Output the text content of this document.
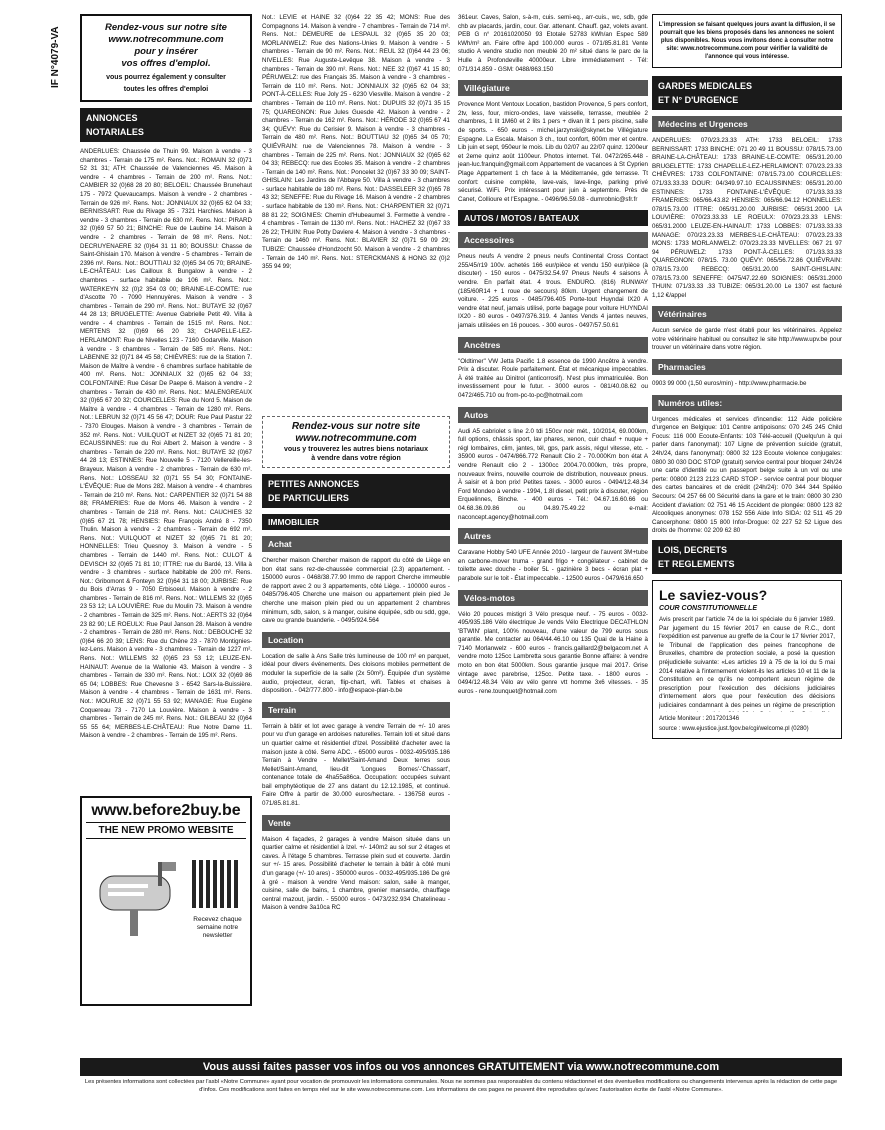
IF N°4079-VA	Rendez-vous sur notre site
www.notrecommune.com
pour y insérer
vos offres d'emploi.
vous pourrez également y consulter
toutes les offres d'emploi
ANNONCES
NOTARIALES
ANDERLUES: Chaussée de Thuin 99. Maison à vendre - 3 chambres - Terrain de 175 m². Rens. Not.: ROMAIN 32 (0)71 52 31 31; ATH: Chaussée de Valenciennes 45. Maison à vendre - 4 chambres - Terrain de 200 m². Rens. Not.: CAMBIER 32 (0)68 28 20 80; BELOEIL: Chaussée Brunehaut 175 - 7972 Quevaucamps. Maison à vendre - 2 chambres - Terrain de 926 m². Rens. Not.: JONNIAUX 32 (0)65 62 04 33; BERNISSART: Rue du Rivage 35 - 7321 Harchies. Maison à vendre - 3 chambres - Terrain de 630 m². Rens. Not.: PIRARD 32 (0)69 57 50 21; BINCHE: Rue de Laubine 14. Maison à vendre - 2 chambres - Terrain de 98 m². Rens. Not.: DECRUYENAERE 32 (0)64 31 11 80; BOUSSU: Chasse de Saint-Ghislain 170. Maison à vendre - 5 chambres - Terrain de 2396 m². Rens. Not.: BOUTTIAU 32 (0)65 34 05 70; BRAINE-LE-CHÂTEAU: Les Cailloux 8. Bungalow à vendre - 2 chambres - surface habitable de 106 m². Rens. Not.: WATERKEYN 32 (0)2 354 03 00; BRAINE-LE-COMTE: rue d'Ascotte 70 - 7090 Hennuyères. Maison à vendre - 3 chambres - Terrain de 290 m². Rens. Not.: BUTAYE 32 (0)67 44 28 13; BRUGELETTE: Avenue Gabrielle Petit 49. Villa à vendre - 4 chambres - Terrain de 1515 m². Rens. Not.: MERTENS 32 (0)69 66 20 33; CHAPELLE-LEZ-HERLAIMONT: Rue de Nivelles 123 - 7160 Godarville. Maison à vendre - 3 chambres - Terrain de 585 m². Rens. Not.: LABENNE 32 (0)71 84 45 58; CHIÈVRES: rue de la Station 7. Maison de Maître à vendre - 6 chambres surface habitable de 400 m². Rens. Not.: JONNIAUX 32 (0)65 62 04 33; COLFONTAINE: Rue César De Paepe 6. Maison à vendre - 2 chambres - Terrain de 430 m². Rens. Not.: MALENGREAUX 32 (0)65 67 20 32; COURCELLES: Rue du Nord 5. Maison de Maître à vendre - 4 chambres - Terrain de 1280 m². Rens. Not.: LEBRUN 32 (0)71 45 56 47; DOUR: Rue Paul Pastur 22 - 7370 Elouges. Maison à vendre - 3 chambres - Terrain de 352 m². Rens. Not.: VUILQUOT et NIZET 32 (0)65 71 81 20; ECAUSSINNES: rue du Roi Albert 2. Maison à vendre - 3 chambres - Terrain de 220 m². Rens. Not.: BUTAYE 32 (0)67 44 28 13; ESTINNES: Rue Nouvelle 5 - 7120 Vellereille-les-Brayeux. Maison à vendre - 2 chambres - Terrain de 630 m². Rens. Not.: LOSSEAU 32 (0)71 55 54 30; FONTAINE-L'ÉVÊQUE: Rue de Mons 282. Maison à vendre - 4 chambres - Terrain de 210 m². Rens. Not.: CARPENTIER 32 (0)71 54 88 88; FRAMERIES: Rue de Mons 46. Maison à vendre - 2 chambres - Terrain de 218 m². Rens. Not.: CAUCHIES 32 (0)65 67 21 78; HENSIES: Rue François André 8 - 7350 Thulin. Maison à vendre - 2 chambres - Terrain de 692 m². Rens. Not.: VUILQUOT et NIZET 32 (0)65 71 81 20; HONNELLES: Trieu Quesnoy 3. Maison à vendre - 5 chambres - Terrain de 1440 m². Rens. Not.: CULOT & DEVISCH 32 (0)65 71 81 10; ITTRE: rue du Bardé, 13. Villa à vendre - 3 chambres - surface habitable de 200 m². Rens. Not.: Gribomont & Fonteyn 32 (0)64 31 18 00; JURBISE: Rue du Bois d'Arras 9 - 7050 Erbisoeul. Maison à vendre - 2 chambres - Terrain de 816 m². Rens. Not.: WILLEMS 32 (0)65 23 53 12; LA LOUVIÈRE: Rue du Moulin 73. Maison à vendre - 2 chambres - Terrain de 325 m². Rens. Not.: AERTS 32 (0)64 23 82 90; LE ROEULX: Rue Paul Janson 28. Maison à vendre - 2 chambres - Terrain de 280 m². Rens. Not.: DEBOUCHE 32 (0)64 66 20 39; LENS: Rue du Chêne 23 - 7870 Montignies-lez-Lens. Maison à vendre - 3 chambres - Terrain de 1227 m². Rens. Not.: WILLEMS 32 (0)65 23 53 12; LEUZE-EN-HAINAUT: Avenue de la Wallonie 43. Maison à vendre - 3 chambres - Terrain de 330 m². Rens. Not.: LOIX 32 (0)69 86 65 04; LOBBES: Rue Chevesne 3 - 6542 Sars-la-Buissière. Maison à vendre - 4 chambres - Terrain de 1631 m². Rens. Not.: MOURUE 32 (0)71 55 53 92; MANAGE: Rue Eugène Coquereau 73 - 7170 La Louvière. Maison à vendre - 3 chambres - Terrain de 245 m². Rens. Not.: GILBEAU 32 (0)64 55 55 64; MERBES-LE-CHÂTEAU: Rue Notre Dame 11. Maison à vendre - 2 chambres - Terrain de 195 m². Rens.
www.before2buy.be
THE NEW PROMO WEBSITE
Recevez chaque semaine notre newsletter
Not.: LEVIE et HAINE 32 (0)64 22 35 42; MONS: Rue des Compagnons 14. Maison à vendre - 7 chambres - Terrain de 714 m². Rens. Not.: DEMEURE de LESPAUL 32 (0)65 35 20 03; MORLANWELZ: Rue des Nations-Unies 9. Maison à vendre - 5 chambres - Terrain de 90 m². Rens. Not.: REUL 32 (0)64 44 23 06; NIVELLES: Rue Auguste-Levêque 38. Maison à vendre - 3 chambres - Terrain de 390 m². Rens. Not.: NEE 32 (0)67 41 15 80; PÉRUWELZ: rue des Français 35. Maison à vendre - 3 chambres - Terrain de 110 m². Rens. Not.: JONNIAUX 32 (0)65 62 04 33; PONT-À-CELLES: Rue Joly 25 - 6230 Viesville. Maison à vendre - 2 chambres - Terrain de 110 m². Rens. Not.: DUPUIS 32 (0)71 35 15 75; QUAREGNON: Rue Jules Guesde 42. Maison à vendre - 2 chambres - Terrain de 162 m². Rens. Not.: HÉRODE 32 (0)65 67 41 34; QUÉVY: Rue du Cerisier 9. Maison à vendre - 3 chambres - Terrain de 480 m². Rens. Not.: BOUTTIAU 32 (0)65 34 05 70; QUIÉVRAIN: rue de Valenciennes 78. Maison à vendre - 3 chambres - Terrain de 225 m². Rens. Not.: JONNIAUX 32 (0)65 62 04 33; REBECQ: rue des Ecoles 35. Maison à vendre - 2 chambres - Terrain de 140 m². Rens. Not.: Poncelet 32 (0)67 33 30 09; SAINT-GHISLAIN: Les Jardins de l'Abbaye 50. Villa à vendre - 3 chambres - surface habitable de 180 m². Rens. Not.: DASSELEER 32 (0)65 78 43 32; SENEFFE: Rue du Rivage 16. Maison à vendre - 2 chambres - surface habitable de 130 m². Rens. Not.: CHARPENTIER 32 (0)71 88 81 22; SOIGNIES: Chemin d'Hubeaumel 3. Fermette à vendre - 4 chambres - Terrain de 1130 m². Rens. Not.: HACHEZ 32 (0)67 33 26 22; THUIN: Rue Potty Daviere 4. Maison à vendre - 3 chambres - Terrain de 1460 m². Rens. Not.: BLAVIER 32 (0)71 59 09 29; TUBIZE: Chaussée d'Hondzocht 50. Maison à vendre - 2 chambres - Terrain de 140 m². Rens. Not.: STERCKMANS & HONG 32 (0)2 355 94 99;
Rendez-vous sur notre site
www.notrecommune.com
vous y trouverez les autres biens notariaux
à vendre dans votre région
PETITES ANNONCES
DE PARTICULIERS
IMMOBILIER
Achat
Chercher maison Chercher maison de rapport du côté de Liège en bon état sans rez-de-chaussée commercial (2.3) appartement. - 150000 euros - 0468/38.77.90 Immo de rapport Cherche immeuble de rapport avec 2 ou 3 appartements, côté Liège. - 100000 euros - 0485/796.405 Cherche une maison ou appartement plein pied Je cherche une maison plein pied ou un appartement 2 chambres minimum, sdb, salon, s à manger, cuisine équipée, sdb ou sdd, gge, cave ou grande buanderie. - 0495/924.564
Location
Location de salle à Ans Salle très lumineuse de 100 m² en parquet, idéal pour divers événements. Des cloisons mobiles permettent de moduler la superficie de la salle (2x 50m²). Équipée d'un système audio, projecteur, écran, flip-chart, wifi. Tables et chaises à disposition. - 042/777.800 - info@espace-plan-b.be
Terrain
Terrain à bâtir et lot avec garage à vendre Terrain de +/- 10 ares pour vu d'un garage en ardoises naturelles. Terrain loti et situé dans un quartier calme et résidentiel d'Izel. Possibilité d'acheter avec la maison juste à côté. Serre ADC. - 65000 euros - 0032-495/935.186 Terrain à Vendre - Mellet/Saint-Amand Deux terres sous Mellet/Saint-Amand, lieu-dit 'Longues Bornes'-'Chassart', contenance totale de 4ha55a86ca. Occupation: occupées suivant bail emphytéotique de 27 ans datant du 12.12.1985, et continué. Faire Offre à partir de 30.000 euros/hectare. - 136758 euros - 071/85.81.81.
Vente
Maison 4 façades, 2 garages à vendre Maison située dans un quartier calme et résidentiel à Izel. +/- 140m2 au sol sur 2 étages et caves. À l'étage 5 chambres. Terrasse plein sud et couverte. Jardin sur +/- 15 ares. Possibilité d'acheter le terrain à bâtir à côté muni d'un garage (+/- 10 ares) - 350000 euros - 0032-495/935.186 De gré à gré - maison à vendre Vend maison: salon, salle à manger, cuisine, salle de bains, 1 chambre, grenier mansarde, chauffage central mazout, jardin. - 55000 euros - 0473/232.934 Chatelineau - Maison à vendre 3a10ca RC
361eur. Caves, Salon, s-à-m, cuis. semi-eq., arr-cuis., wc, sdb, gde chb av placards, jardin, cour. Gar. attenant. Chauff. gaz, volets avant. PEB G n° 20161020050 93 Etotale 52783 kWh/an Espec 589 kWh/m² an. Faire offre àpd 100.000 euros - 071/85.81.81 Vente studio A vendre studio non meublé 20 m² situé dans le parc de la Hulle à Profondeville 40000eur. Libre immédiatement - Tél: 071/314.859 - GSM: 0488/863.150
Villégiature
Provence Mont Ventoux Location, bastidon Provence, 5 pers confort, 2tv, less, four, micro-ondes, lave vaisselle, terrasse, meublée 2 chambres, 1 lit 1M60 et 2 lits 1 pers + divan lit 1 pers piscine, salle de sports. - 650 euros - michel.jarzynski@skynet.be Villégiature Espagne. La Escala. Maison 3 ch., tout confort, 600m mer et centre. Lib juin et sept, 950eur le mois. Lib du 02/07 au 22/07 quinz. 1200eur et 2eme quinz août 1100eur. Photos internet. Tél. 0472/265.448 - jean-luc.franquin@gmail.com Appartement de vacances à St Cyprien Plage Appartement 1 ch face à la Méditerranée, gde terrasse. Tt confort: cuisine complète, lave-vais, lave-linge, parking privé sécurisé. WiFi. Prix intéressant pour juin à septembre. Près de Canet, Collioure et l'Espagne. - 0496/96.59.08 - dumrobnic@sfr.fr
AUTOS / MOTOS / BATEAUX
Accessoires
Pneus neufs A vendre 2 pneus neufs Continental Cross Contact 255/45/r19 100v. achetés 166 eur/pièce et vendu 150 eur/pièce (à discuter) - 150 euros - 0475/32.54.97 Pneus Neufs 4 saisons À vendre. En parfait état. 4 trous. ENDURO. (816) RUNWAY (185/60R14 + 1 roue de secours) 80km. Urgent changement de voiture. - 225 euros - 0485/796.405 Porte-tout Huyndai IX20 A vendre état neuf, jamais utilisé, porte bagage pour voiture HUYNDAI IX20 - 80 euros - 0497/376.319. 4 Jantes Vends 4 jantes neuves, jamais utilisées en 16 pouces. - 300 euros - 0497/57.50.61
Ancètres
"Oldtimer" VW Jetta Pacific 1.8 essence de 1990 Ancêtre à vendre. Prix à discuter. Roule parfaitement. État et mécanique impeccables. À été traitée au Dinitrol (anticorrosif). N'est plus immatriculée. Bon investissement pour le futur. - 3000 euros - 081/40.08.62 ou 0472/465.710 ou from-pc-to-pc@hotmail.com
Autos
Audi A5 cabriolet s line 2.0 tdi 150cv noir mét., 10/2014, 69.000km, full options, châssis sport, lav phares, xenon, cuir chauf + nuque + régl lombaires, clim, jantes, tél, gps, park assis, régul vitesse, etc. - 35900 euros - 0474/866.772 Renault Clio 2 - 70.000Km bon état A vendre Renault clio 2 - 1300cc 2004.70.000km, très propre, nouveaux freins, nouvelle courroie de distribution, nouveaux pneus. À saisir et à bon prix! Petites taxes. - 3000 euros - 0494/12.48.34 Ford Mondeo à vendre - 1994, 1.8l diesel, petit prix à discuter, région Erquelinnes, Binche. - 400 euros - Tél.: 04.67.16.60.66 ou 04.68.36.09.86 ou 04.89.75.49.22 ou e-mail: naconcept.agency@hotmail.com
Autres
Caravane Hobby 540 UFE Année 2010 - largeur de l'auvent 3M+tube en carbone-mover truma - grand frigo + congélateur - cabinet de toilette avec douche - boiler 5L - gazinière 3 becs - écran plat + parabole sur le toit - État impeccable. - 12500 euros - 0479/616.650
Vélos-motos
Vélo 20 pouces mistigri 3 Vélo presque neuf. - 75 euros - 0032-495/935.186 Vélo électrique Je vends Vélo Electrique DECATHLON 'BTWIN' plant, 100% nouveau, d'une valeur de 799 euros sous garantie. Me contacter au 064/44.46.10 ou 135 Quai de la Haine à 7140 Morlanwelz - 600 euros - francis.gaillard2@belgacom.net A vendre moto 125cc Lambretta sous garantie Bonne affaire: à vendre moto en bon état 5000km. Sous garantie jusque mai 2017. Grise vintage avec parebrise, 125cc. Petite taxe. - 1800 euros - 0494/12.48.34 Vélo av vélo genre vtt homme 3x6 vitesses. - 35 euros - rene.tounquet@hotmail.com
L'impression se faisant quelques jours avant la diffusion, il se pourrait que les biens proposés dans les annonces ne soient plus disponibles. Nous vous invitons donc à consulter notre site: www.notrecommune.com pour vérifier la validité de l'annonce qui vous intéresse.
GARDES MEDICALES
ET N° D'URGENCE
Médecins et Urgences
ANDERLUES: 070/23.23.33 ATH: 1733 BELOEIL: 1733 BERNISSART: 1733 BINCHE: 071 20 49 11 BOUSSU: 078/15.73.00 BRAINE-LA-CHÂTEAU: 1733 BRAINE-LE-COMTE: 065/31.20.00 BRUGELETTE: 1733 CHAPELLE-LEZ-HERLAIMONT: 070/23.23.33 CHIÈVRES: 1733 COLFONTAINE: 078/15.73.00 COURCELLES: 071/33.33.33 DOUR: 04/349.97.10 ECAUSSINNES: 065/31.20.00 ESTINNES: 1733 FONTAINE-L'ÉVÊQUE: 071/33.33.33 FRAMERIES: 065/66.43.82 HENSIES: 065/66.94.12 HONNELLES: 078/15.73.00 ITTRE: 065/31.20.00 JURBISE: 065/31.2000 LA LOUVIÈRE: 070/23.33.33 LE ROEULX: 070/23.23.33 LENS: 065/31.2000 LEUZE-EN-HAINAUT: 1733 LOBBES: 071/33.33.33 MANAGE: 070/23.23.33 MERBES-LE-CHÂTEAU: 070/23.23.33 MONS: 1733 MORLANWELZ: 070/23.23.33 NIVELLES: 067 21 97 94 PÉRUWELZ: 1733 PONT-À-CELLES: 071/33.33.33 QUAREGNON: 078/15. 73.00 QUÉVY: 065/56.72.86 QUIÉVRAIN: 078/15.73.00 REBECQ: 065/31.20.00 SAINT-GHISLAIN: 078/15.73.00 SENEFFE: 0475/47.22.69 SOIGNIES: 065/31.2000 THUIN: 071/33.33 .33 TUBIZE: 065/31.20.00 Le 1307 est facturé 1,12 €/appel
Vétérinaires
Aucun service de garde n'est établi pour les vétérinaires. Appelez votre vétérinaire habituel ou consultez le site http://www.upv.be pour trouver un vétérinaire dans votre région.
Pharmacies
0903 99 000 (1,50 euros/min) - http://www.pharmacie.be
Numéros utiles:
Urgences médicales et services d'incendie: 112 Aide policière d'urgence en Belgique: 101 Centre antipoisons: 070 245 245 Child Focus: 116 000 Ecoute-Enfants: 103 Télé-accueil (Quelqu'un à qui parler dans l'anonymat): 107 Ligne de prévention suicide (gratuit, 24h/24, dans l'anonymat): 0800 32 123 Ecoute violence conjugales: 0800 30 030 DOC STOP (gratuit) service central pour bloquer 24h/24 une carte d'identité ou un passeport belge suite à un vol ou une perte: 00800 2123 2123 CARD STOP - service central pour bloquer des cartes bancaires et de crédit (24h/24): 070 344 344 Spéléo Secours: 04 257 66 00 Sécurité dans la gare et le train: 0800 30 230 Accident d'aviation: 02 751 46 15 Accident de plongée: 0800 123 82 Alcooliques anonymes: 078 152 556 Aide Info SIDA: 02 511 45 29 Cancerphone: 0800 15 800 Infor-Drogue: 02 227 52 52 Ligue des droits de l'homme: 02 209 62 80
LOIS, DECRETS
ET REGLEMENTS
Le saviez-vous?
COUR CONSTITUTIONNELLE
Avis prescrit par l'article 74 de la loi spéciale du 6 janvier 1989. Par jugement du 15 février 2017 en cause de R.C., dont l'expédition est parvenue au greffe de la Cour le 17 février 2017, le Tribunal de l'application des peines francophone de Bruxelles, chambre de protection sociale, a posé la question préjudicielle suivante: «Les articles 19 à 75 de la loi du 5 mai 2014 relative à l'internement violent-ils les articles 10 et 11 de la Constitution en ce qu'ils ne comportent aucun régime de prescription pour l'exécution des décisions judiciaires d'internement alors que pour l'exécution des décisions judiciaires condamnant à des peines un régime de prescription
Article Moniteur : 2017201346
source : www.ejustice.just.fgov.be/cgi/welcome.pl (0280)
Vous aussi faites passer vos infos ou vos annonces GRATUITEMENT via www.notrecommune.com
Les présentes informations sont collectées par l'asbl «Notre Commune» ayant pour vocation de promouvoir les informations communales. Nous ne sommes pas responsables du contenu rédactionnel et des éventuelles modifications ou changements intervenus après la rédaction de cette page d'infos. Ces modifications sont faites en temps réel sur le site www.notrecommune.com. Les informations de ces pages ne peuvent être reproduites qu'avec l'autorisation écrite de l'asbl «Notre Commune».
